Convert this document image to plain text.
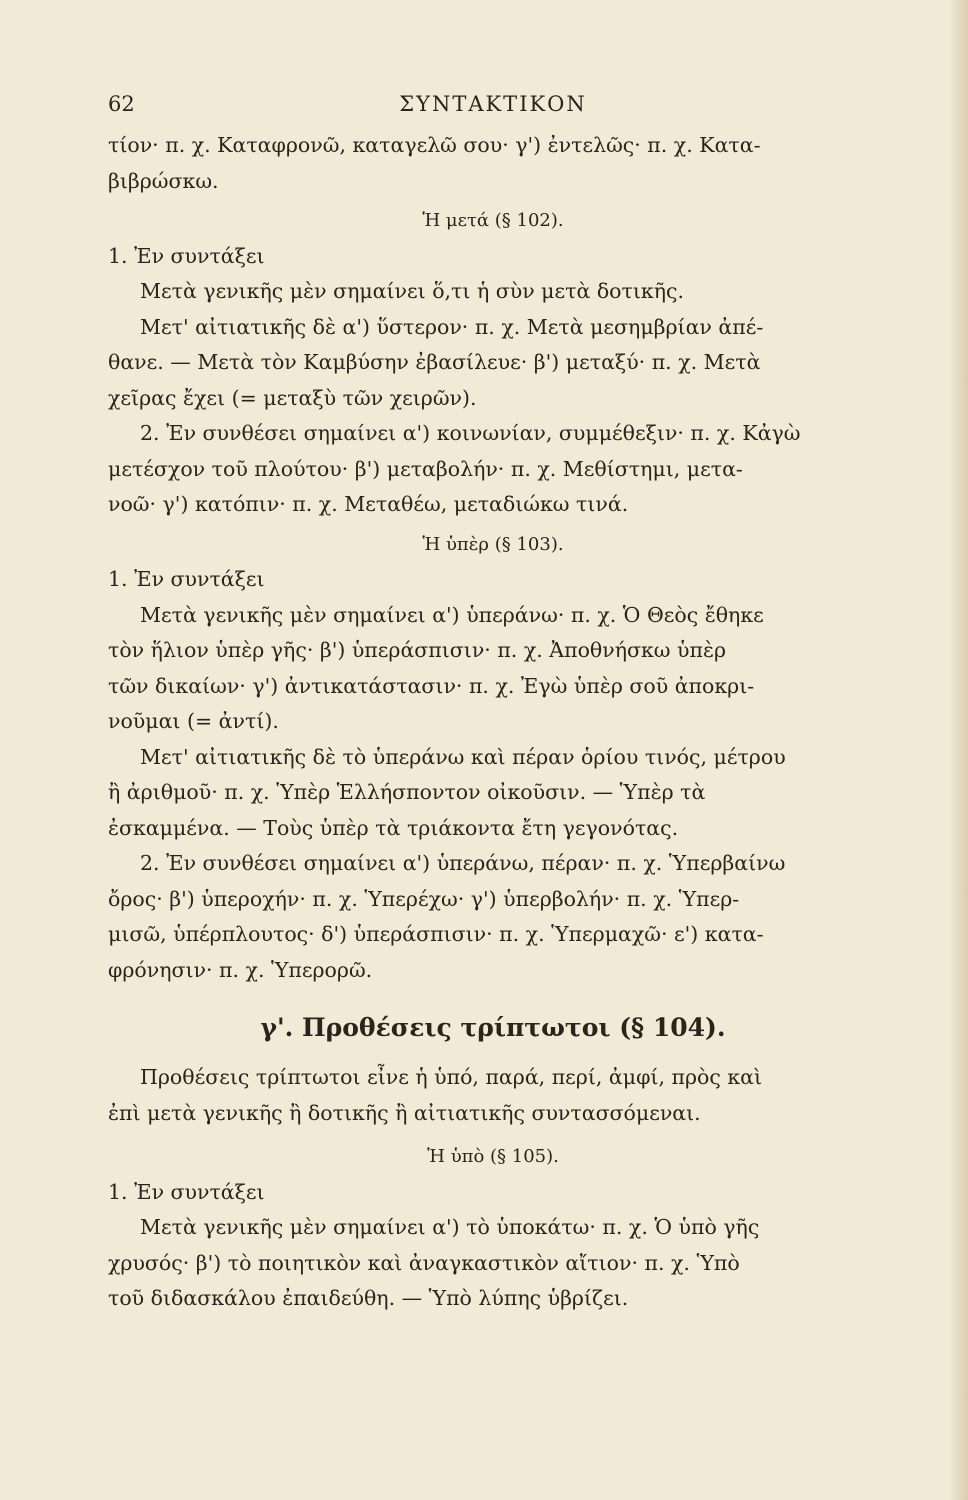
62	ΣΥΝΤΑΚΤΙΚΟΝ
τίον· π. χ. Καταφρονῶ, καταγελῶ σου· γ') ἐντελῶς· π. χ. Κατα-
βιβρώσκω.
Ἡ μετά (§ 102).
1. Ἐν συντάξει
Μετὰ γενικῆς μὲν σημαίνει ὅ,τι ἡ σὺν μετὰ δοτικῆς.
Μετ' αἰτιατικῆς δὲ α') ὕστερον· π. χ. Μετὰ μεσημβρίαν ἀπέ-
θανε. — Μετὰ τὸν Καμβύσην ἐβασίλευε· β') μεταξύ· π. χ. Μετὰ
χεῖρας ἔχει (= μεταξὺ τῶν χειρῶν).
2. Ἐν συνθέσει σημαίνει α') κοινωνίαν, συμμέθεξιν· π. χ. Κἀγὼ
μετέσχον τοῦ πλούτου· β') μεταβολήν· π. χ. Μεθίστημι, μετα-
νοῶ· γ') κατόπιν· π. χ. Μεταθέω, μεταδιώκω τινά.
Ἡ ὑπὲρ (§ 103).
1. Ἐν συντάξει
Μετὰ γενικῆς μὲν σημαίνει α') ὑπεράνω· π. χ. Ὁ Θεὸς ἔθηκε
τὸν ἥλιον ὑπὲρ γῆς· β') ὑπεράσπισιν· π. χ. Ἀποθνήσκω ὑπὲρ
τῶν δικαίων· γ') ἀντικατάστασιν· π. χ. Ἐγὼ ὑπὲρ σοῦ ἀποκρι-
νοῦμαι (= ἀντί).
Μετ' αἰτιατικῆς δὲ τὸ ὑπεράνω καὶ πέραν ὁρίου τινός, μέτρου
ἢ ἀριθμοῦ· π. χ. Ὑπὲρ Ἑλλήσποντον οἰκοῦσιν. — Ὑπὲρ τὰ
ἐσκαμμένα. — Τοὺς ὑπὲρ τὰ τριάκοντα ἔτη γεγονότας.
2. Ἐν συνθέσει σημαίνει α') ὑπεράνω, πέραν· π. χ. Ὑπερβαίνω
ὄρος· β') ὑπεροχήν· π. χ. Ὑπερέχω· γ') ὑπερβολήν· π. χ. Ὑπερ-
μισῶ, ὑπέρπλουτος· δ') ὑπεράσπισιν· π. χ. Ὑπερμαχῶ· ε') κατα-
φρόνησιν· π. χ. Ὑπερορῶ.
γ'. Προθέσεις τρίπτωτοι (§ 104).
Προθέσεις τρίπτωτοι εἶνε ἡ ὑπό, παρά, περί, ἀμφί, πρὸς καὶ
ἐπὶ μετὰ γενικῆς ἢ δοτικῆς ἢ αἰτιατικῆς συντασσόμεναι.
Ἡ ὑπὸ (§ 105).
1. Ἐν συντάξει
Μετὰ γενικῆς μὲν σημαίνει α') τὸ ὑποκάτω· π. χ. Ὁ ὑπὸ γῆς
χρυσός· β') τὸ ποιητικὸν καὶ ἀναγκαστικὸν αἴτιον· π. χ. Ὑπὸ
τοῦ διδασκάλου ἐπαιδεύθη. — Ὑπὸ λύπης ὑβρίζει.
